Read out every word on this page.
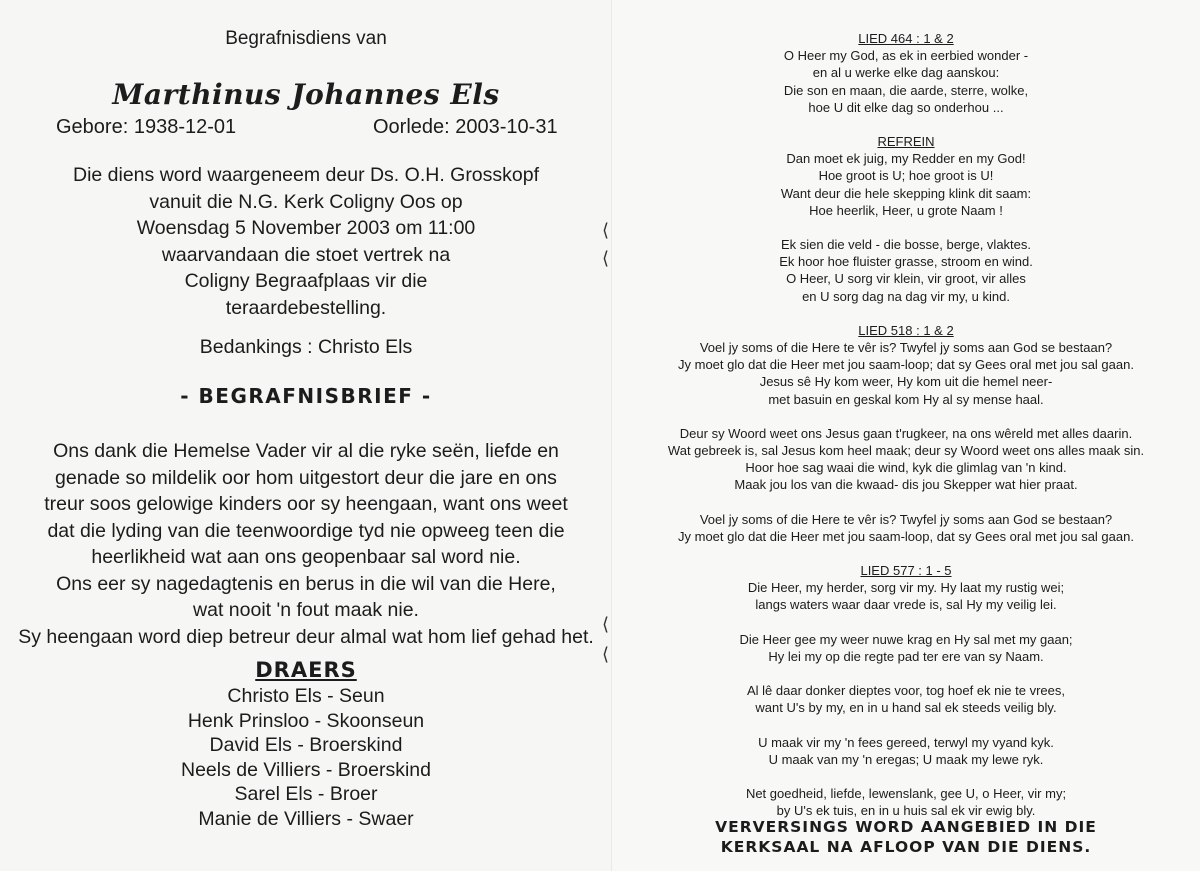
Begrafnisdiens van
Marthinus Johannes Els
Gebore: 1938-12-01	Oorlede: 2003-10-31
Die diens word waargeneem deur Ds. O.H. Grosskopf
vanuit die N.G. Kerk Coligny Oos op
Woensdag 5 November 2003 om 11:00
waarvandaan die stoet vertrek na
Coligny Begraafplaas vir die
teraardebestelling.
Bedankings : Christo Els
- BEGRAFNISBRIEF -
Ons dank die Hemelse Vader vir al die ryke seën, liefde en
genade so mildelik oor hom uitgestort deur die jare en ons
treur soos gelowige kinders oor sy heengaan, want ons weet
dat die lyding van die teenwoordige tyd nie opweeg teen die
heerlikheid wat aan ons geopenbaar sal word nie.
Ons eer sy nagedagtenis en berus in die wil van die Here,
wat nooit 'n fout maak nie.
Sy heengaan word diep betreur deur almal wat hom lief gehad het.
DRAERS
Christo Els - Seun
Henk Prinsloo - Skoonseun
David Els - Broerskind
Neels de Villiers - Broerskind
Sarel Els - Broer
Manie de Villiers - Swaer
⟨
⟨
⟨
⟨
LIED 464 : 1 & 2
O Heer my God, as ek in eerbied wonder -
en al u werke elke dag aanskou:
Die son en maan, die aarde, sterre, wolke,
hoe U dit elke dag so onderhou ...
REFREIN
Dan moet ek juig, my Redder en my God!
Hoe groot is U; hoe groot is U!
Want deur die hele skepping klink dit saam:
Hoe heerlik, Heer, u grote Naam !
Ek sien die veld - die bosse, berge, vlaktes.
Ek hoor hoe fluister grasse, stroom en wind.
O Heer, U sorg vir klein, vir groot, vir alles
en U sorg dag na dag vir my, u kind.
LIED 518 : 1 & 2
Voel jy soms of die Here te vêr is? Twyfel jy soms aan God se bestaan?
Jy moet glo dat die Heer met jou saam-loop; dat sy Gees oral met jou sal gaan.
Jesus sê Hy kom weer, Hy kom uit die hemel neer-
met basuin en geskal kom Hy al sy mense haal.
Deur sy Woord weet ons Jesus gaan t'rugkeer, na ons wêreld met alles daarin.
Wat gebreek is, sal Jesus kom heel maak; deur sy Woord weet ons alles maak sin.
Hoor hoe sag waai die wind, kyk die glimlag van 'n kind.
Maak jou los van die kwaad- dis jou Skepper wat hier praat.
Voel jy soms of die Here te vêr is? Twyfel jy soms aan God se bestaan?
Jy moet glo dat die Heer met jou saam-loop, dat sy Gees oral met jou sal gaan.
LIED 577 : 1 - 5
Die Heer, my herder, sorg vir my. Hy laat my rustig wei;
langs waters waar daar vrede is, sal Hy my veilig lei.
Die Heer gee my weer nuwe krag en Hy sal met my gaan;
Hy lei my op die regte pad ter ere van sy Naam.
Al lê daar donker dieptes voor, tog hoef ek nie te vrees,
want U's by my, en in u hand sal ek steeds veilig bly.
U maak vir my 'n fees gereed, terwyl my vyand kyk.
U maak van my 'n eregas; U maak my lewe ryk.
Net goedheid, liefde, lewenslank, gee U, o Heer, vir my;
by U's ek tuis, en in u huis sal ek vir ewig bly.
VERVERSINGS WORD AANGEBIED IN DIE
KERKSAAL NA AFLOOP VAN DIE DIENS.
